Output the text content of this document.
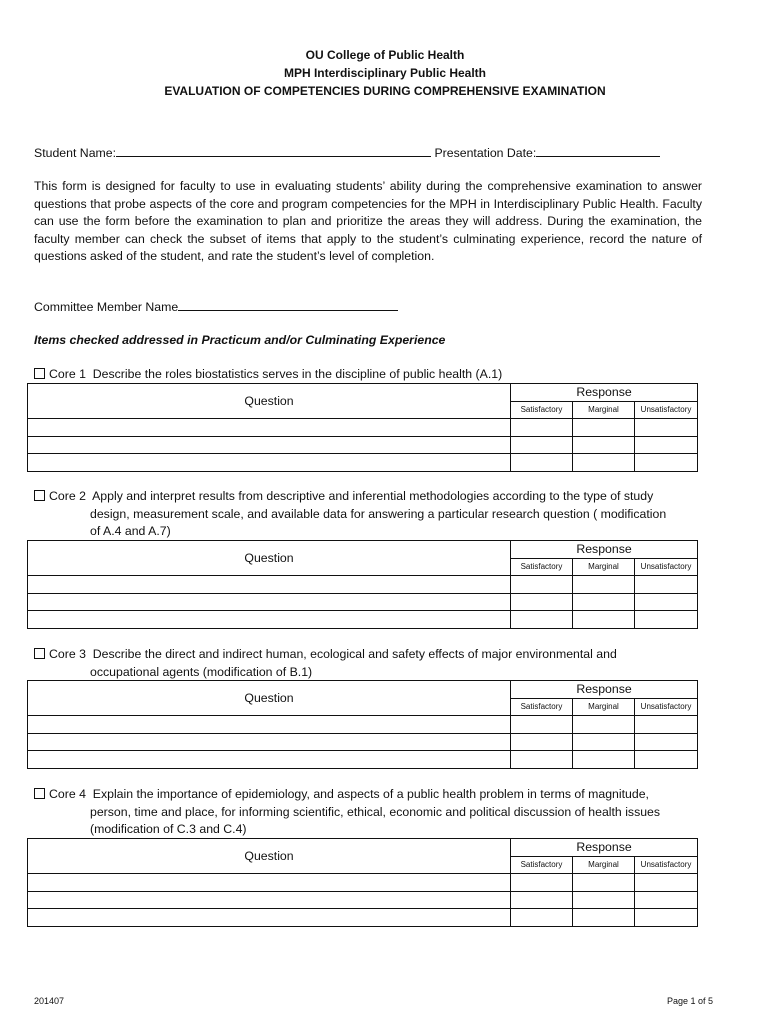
OU College of Public Health
MPH Interdisciplinary Public Health
EVALUATION OF COMPETENCIES DURING COMPREHENSIVE EXAMINATION
Student Name:	Presentation Date:
This form is designed for faculty to use in evaluating students’ ability during the comprehensive examination to answer questions that probe aspects of the core and program competencies for the MPH in Interdisciplinary Public Health. Faculty can use the form before the examination to plan and prioritize the areas they will address. During the examination, the faculty member can check the subset of items that apply to the student’s culminating experience, record the nature of questions asked of the student, and rate the student’s level of completion.
Committee Member Name
Items checked addressed in Practicum and/or Culminating Experience
Core 1 Describe the roles biostatistics serves in the discipline of public health (A.1)
Question	Response		
	Satisfactory	Marginal	Unsatisfactory

Core 2 Apply and interpret results from descriptive and inferential methodologies according to the type of study
design, measurement scale, and available data for answering a particular research question ( modification
of A.4 and A.7)
Question	Response		
	Satisfactory	Marginal	Unsatisfactory

Core 3 Describe the direct and indirect human, ecological and safety effects of major environmental and
occupational agents (modification of B.1)
Question	Response		
	Satisfactory	Marginal	Unsatisfactory

Core 4 Explain the importance of epidemiology, and aspects of a public health problem in terms of magnitude,
person, time and place, for informing scientific, ethical, economic and political discussion of health issues
(modification of C.3 and C.4)
Question	Response		
	Satisfactory	Marginal	Unsatisfactory

201407	Page 1 of 5
